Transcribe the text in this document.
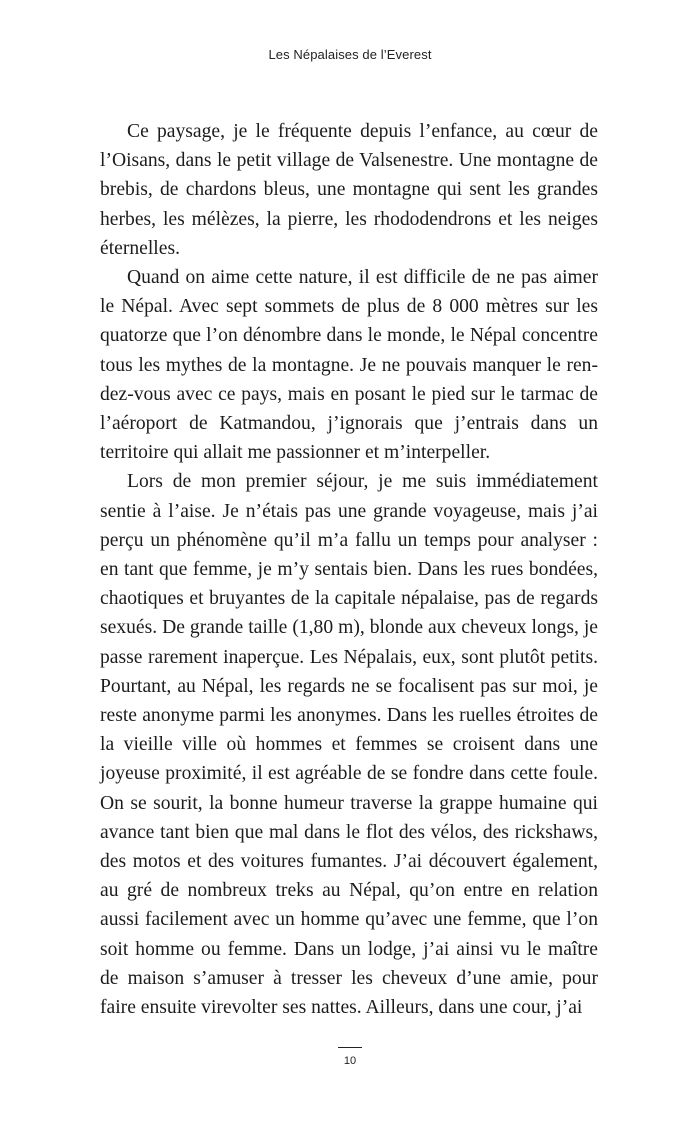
Les Népalaises de l’Everest

Ce paysage, je le fréquente depuis l’enfance, au cœur de l’Oisans, dans le petit village de Valsenestre. Une montagne de brebis, de chardons bleus, une montagne qui sent les grandes herbes, les mélèzes, la pierre, les rhododendrons et les neiges éternelles.

Quand on aime cette nature, il est difficile de ne pas aimer le Népal. Avec sept sommets de plus de 8 000 mètres sur les quatorze que l’on dénombre dans le monde, le Népal concentre tous les mythes de la montagne. Je ne pouvais manquer le rendez-vous avec ce pays, mais en posant le pied sur le tarmac de l’aéroport de Katmandou, j’ignorais que j’entrais dans un territoire qui allait me passionner et m’interpeller.

Lors de mon premier séjour, je me suis immédiatement sentie à l’aise. Je n’étais pas une grande voyageuse, mais j’ai perçu un phénomène qu’il m’a fallu un temps pour analyser : en tant que femme, je m’y sentais bien. Dans les rues bondées, chaotiques et bruyantes de la capitale népalaise, pas de regards sexués. De grande taille (1,80 m), blonde aux cheveux longs, je passe rarement inaperçue. Les Népalais, eux, sont plutôt petits. Pourtant, au Népal, les regards ne se focalisent pas sur moi, je reste anonyme parmi les anonymes. Dans les ruelles étroites de la vieille ville où hommes et femmes se croisent dans une joyeuse proximité, il est agréable de se fondre dans cette foule. On se sourit, la bonne humeur traverse la grappe humaine qui avance tant bien que mal dans le flot des vélos, des rickshaws, des motos et des voitures fumantes. J’ai découvert également, au gré de nombreux treks au Népal, qu’on entre en relation aussi facilement avec un homme qu’avec une femme, que l’on soit homme ou femme. Dans un lodge, j’ai ainsi vu le maître de maison s’amuser à tresser les cheveux d’une amie, pour faire ensuite virevolter ses nattes. Ailleurs, dans une cour, j’ai

10
